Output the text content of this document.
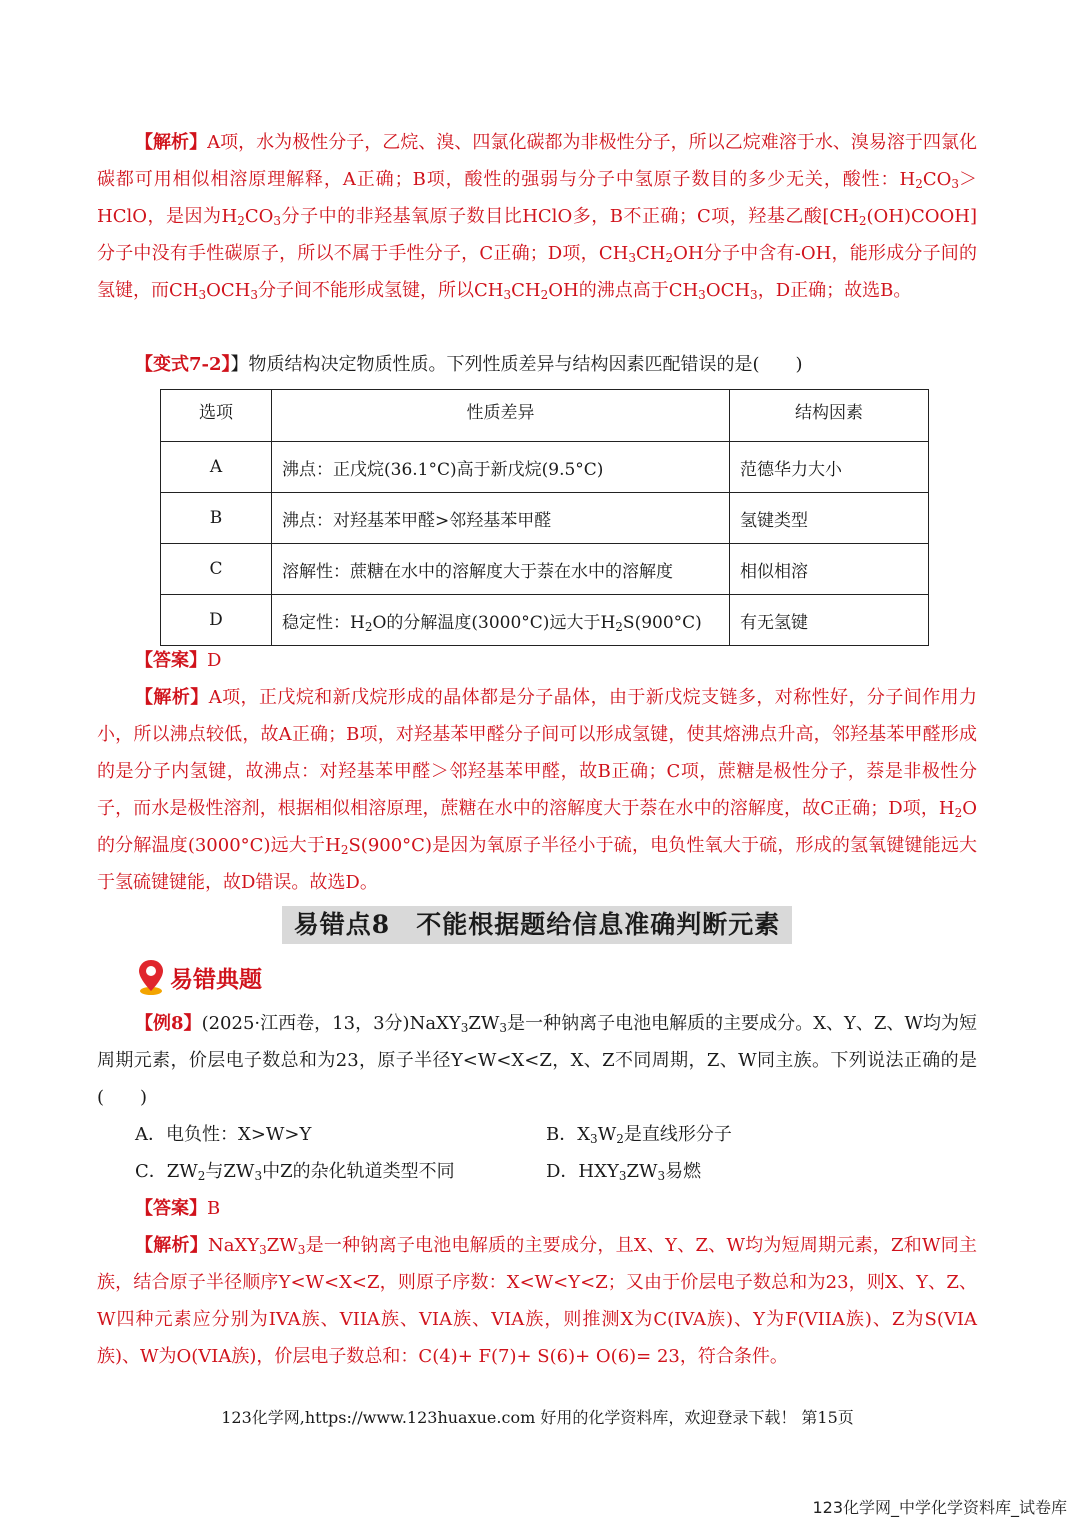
【解析】A项，水为极性分子，乙烷、溴、四氯化碳都为非极性分子，所以乙烷难溶于水、溴易溶于四氯化碳都可用相似相溶原理解释，A正确；B项，酸性的强弱与分子中氢原子数目的多少无关，酸性：$H_2CO_3>HClO$，是因为$H_2CO_3$分子中的非羟基氧原子数目比HClO多，B不正确；C项，羟基乙酸$[CH_2(OH)COOH]$分子中没有手性碳原子，所以不属于手性分子，C正确；D项，$CH_3CH_2OH$分子中含有-OH，能形成分子间的氢键，而$CH_3OCH_3$分子间不能形成氢键，所以$CH_3CH_2OH$的沸点高于$CH_3OCH_3$，D正确；故选B。
【变式7-2】】物质结构决定物质性质。下列性质差异与结构因素匹配错误的是(　　)
选项	性质差异	结构因素
A	沸点：正戊烷(36.1°C)高于新戊烷(9.5°C)	范德华力大小
B	沸点：对羟基苯甲醛>邻羟基苯甲醛	氢键类型
C	溶解性：蔗糖在水中的溶解度大于萘在水中的溶解度	相似相溶
D	稳定性：$H_2O$的分解温度(3000°C)远大于$H_2S(900^\circ C)$	有无氢键
【答案】D
【解析】A项，正戊烷和新戊烷形成的晶体都是分子晶体，由于新戊烷支链多，对称性好，分子间作用力小，所以沸点较低，故A正确；B项，对羟基苯甲醛分子间可以形成氢键，使其熔沸点升高，邻羟基苯甲醛形成的是分子内氢键，故沸点：对羟基苯甲醛＞邻羟基苯甲醛，故B正确；C项，蔗糖是极性分子，萘是非极性分子，而水是极性溶剂，根据相似相溶原理，蔗糖在水中的溶解度大于萘在水中的溶解度，故C正确；D项，$H_2O$的分解温度(3000°C)远大于$H_2S(900^\circ C)$是因为氧原子半径小于硫，电负性氧大于硫，形成的氢氧键键能远大于氢硫键键能，故D错误。故选D。
易错点8　不能根据题给信息准确判断元素
易错典题
【例8】(2025·江西卷，13，3分)$NaXY_3ZW_3$是一种钠离子电池电解质的主要成分。X、Y、Z、W均为短周期元素，价层电子数总和为23，原子半径Y<W<X<Z，X、Z不同周期，Z、W同主族。下列说法正确的是(　　)
A．电负性：X>W>Y	B．$X_3W_2$是直线形分子
C．$ZW_2$与$ZW_3$中Z的杂化轨道类型不同	D．$HXY_3ZW_3$易燃
【答案】B
【解析】$NaXY_3ZW_3$是一种钠离子电池电解质的主要成分，且X、Y、Z、W均为短周期元素，Z和W同主族，结合原子半径顺序Y<W<X<Z，则原子序数：X<W<Y<Z；又由于价层电子数总和为23，则X、Y、Z、W四种元素应分别为IVA族、VIIA族、VIA族、VIA族，则推测X为C(IVA族)、Y为F(VIIA族)、Z为S(VIA族)、W为O(VIA族)，价层电子数总和：C(4)+ F(7)+ S(6)+ O(6)= 23，符合条件。
123化学网,https://www.123huaxue.com 好用的化学资料库，欢迎登录下载！ 第15页
123化学网_中学化学资料库_试卷库
